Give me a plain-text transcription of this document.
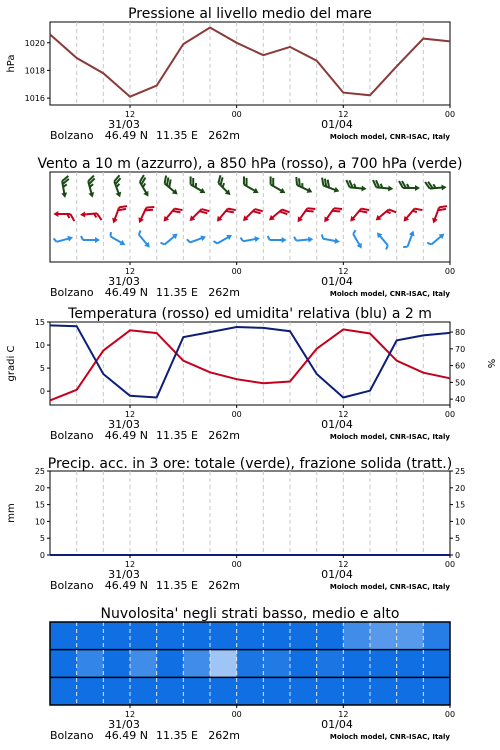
Pressione al livello medio del mare
1016
1018
1020
hPa
12	00	12	00
31/03	01/04
Bolzano 46.49 N 11.35 E 262m	Moloch model, CNR-ISAC, Italy
Vento a 10 m (azzurro), a 850 hPa (rosso), a 700 hPa (verde)
12	00	12	00
31/03	01/04
Bolzano 46.49 N 11.35 E 262m	Moloch model, CNR-ISAC, Italy
Temperatura (rosso) ed umidita' relativa (blu) a 2 m
0
5
10
15
gradi C
40
50
60
70
80
%
12	00	12	00
31/03	01/04
Bolzano 46.49 N 11.35 E 262m	Moloch model, CNR-ISAC, Italy
Precip. acc. in 3 ore: totale (verde), frazione solida (tratt.)
0
5
10
15
20
25
mm
0
5
10
15
20
25
12	00	12	00
31/03	01/04
Bolzano 46.49 N 11.35 E 262m	Moloch model, CNR-ISAC, Italy
Nuvolosita' negli strati basso, medio e alto
12	00	12	00
31/03	01/04
Bolzano 46.49 N 11.35 E 262m	Moloch model, CNR-ISAC, Italy
